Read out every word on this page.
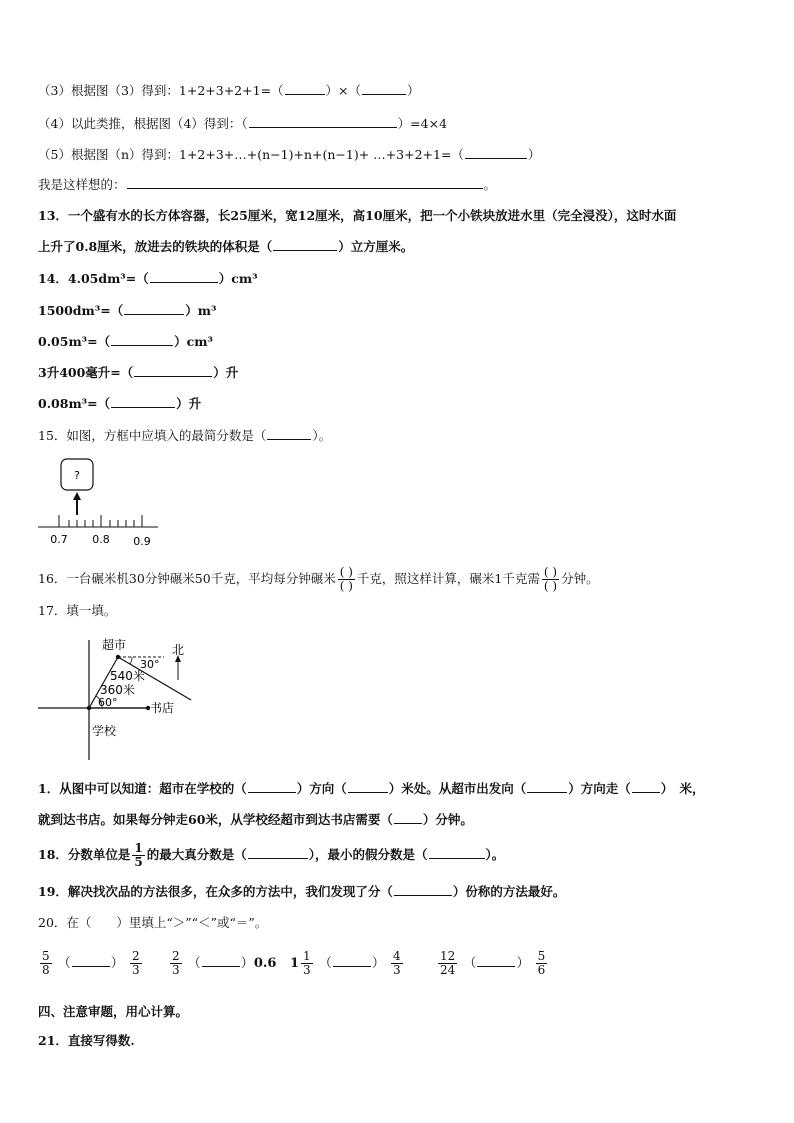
（3）根据图（3）得到：1+2+3+2+1=（	）×（	）
（4）以此类推，根据图（4）得到：（	）=4×4
（5）根据图（n）得到：1+2+3+…+(n−1)+n+(n−1)+ …+3+2+1=（	）
我是这样想的：	。
13．一个盛有水的长方体容器，长25厘米，宽12厘米，高10厘米，把一个小铁块放进水里（完全浸没），这时水面
上升了0.8厘米，放进去的铁块的体积是（	）立方厘米。
14．4.05dm³=（	）cm³
1500dm³=（	）m³
0.05m³=（	）cm³
3升400毫升=（	）升
0.08m³=（	）升
15．如图，方框中应填入的最简分数是（	）。
?
0.7 0.8 0.9
16．一台碾米机30分钟碾米50千克，平均每分钟碾米 $\frac{( )}{( )}$ 千克，照这样计算，碾米1千克需 $\frac{( )}{( )}$ 分钟。
17．填一填。
超市	北
30°
540米
360米
60°	书店
学校
1．从图中可以知道：超市在学校的（	）方向（	）米处。从超市出发向（	）方向走（ ）　米，
就到达书店。如果每分钟走60米，从学校经超市到达书店需要（ ）分钟。
18．分数单位是 $\frac{1}{5}$ 的最大真分数是（	），最小的假分数是（	）。
19．解决找次品的方法很多，在众多的方法中，我们发现了分（	）份称的方法最好。
20．在（　　）里填上“＞”“＜”或“＝”。
$\frac{5}{8}$ （	） $\frac{2}{3} \frac{2}{3}$ （	）0.6 $1 \frac{1}{3}$ （	） $\frac{4}{3}$	$\frac{12}{24}$ （	） $\frac{5}{6}$
四、注意审题，用心计算。
21．直接写得数.
